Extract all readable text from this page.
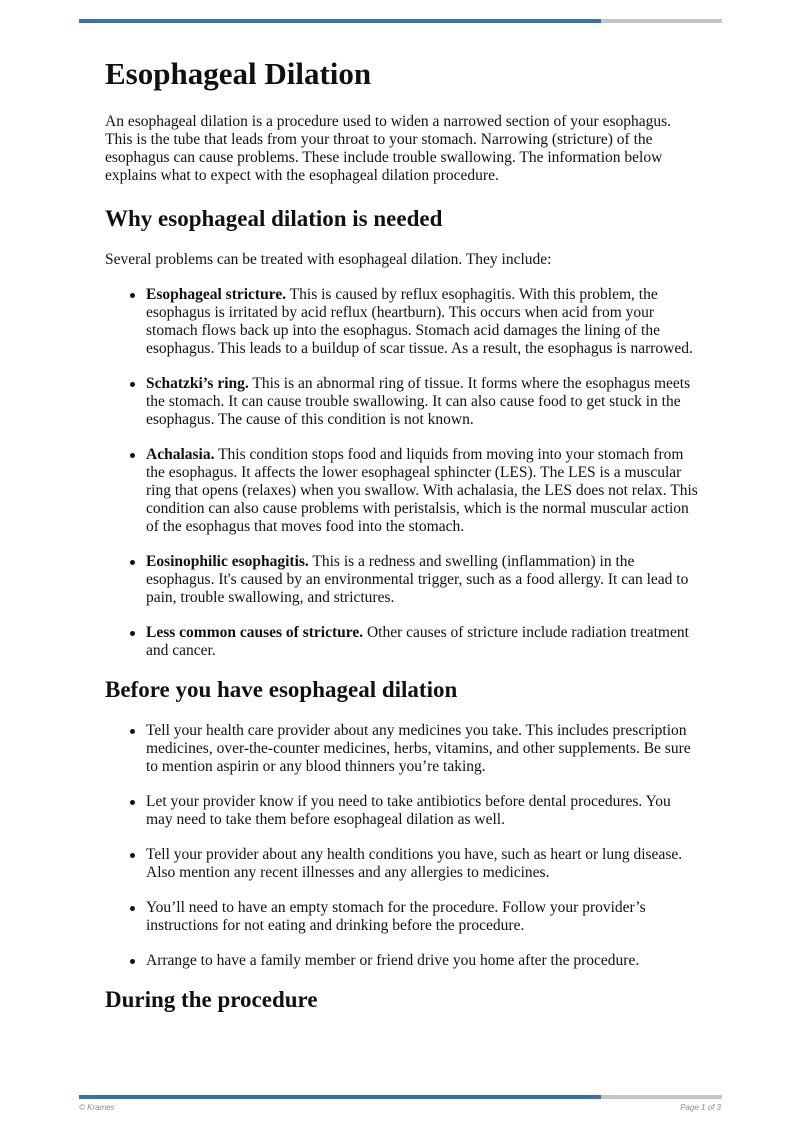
Esophageal Dilation

An esophageal dilation is a procedure used to widen a narrowed section of your esophagus. This is the tube that leads from your throat to your stomach. Narrowing (stricture) of the esophagus can cause problems. These include trouble swallowing. The information below explains what to expect with the esophageal dilation procedure.

Why esophageal dilation is needed

Several problems can be treated with esophageal dilation. They include:

Esophageal stricture. This is caused by reflux esophagitis. With this problem, the esophagus is irritated by acid reflux (heartburn). This occurs when acid from your stomach flows back up into the esophagus. Stomach acid damages the lining of the esophagus. This leads to a buildup of scar tissue. As a result, the esophagus is narrowed.
Schatzki’s ring. This is an abnormal ring of tissue. It forms where the esophagus meets the stomach. It can cause trouble swallowing. It can also cause food to get stuck in the esophagus. The cause of this condition is not known.
Achalasia. This condition stops food and liquids from moving into your stomach from the esophagus. It affects the lower esophageal sphincter (LES). The LES is a muscular ring that opens (relaxes) when you swallow. With achalasia, the LES does not relax. This condition can also cause problems with peristalsis, which is the normal muscular action of the esophagus that moves food into the stomach.
Eosinophilic esophagitis. This is a redness and swelling (inflammation) in the esophagus. It's caused by an environmental trigger, such as a food allergy. It can lead to pain, trouble swallowing, and strictures.
Less common causes of stricture. Other causes of stricture include radiation treatment and cancer.
Before you have esophageal dilation
Tell your health care provider about any medicines you take. This includes prescription medicines, over-the-counter medicines, herbs, vitamins, and other supplements. Be sure to mention aspirin or any blood thinners you’re taking.
Let your provider know if you need to take antibiotics before dental procedures. You may need to take them before esophageal dilation as well.
Tell your provider about any health conditions you have, such as heart or lung disease. Also mention any recent illnesses and any allergies to medicines.
You’ll need to have an empty stomach for the procedure. Follow your provider’s instructions for not eating and drinking before the procedure.
Arrange to have a family member or friend drive you home after the procedure.
During the procedure
© Krames	Page 1 of 3
